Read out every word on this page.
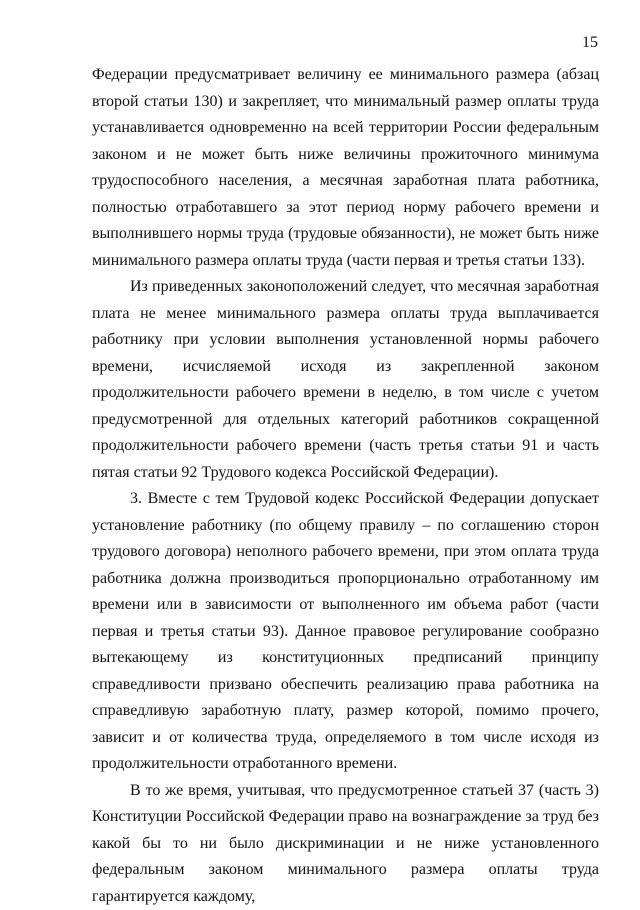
15

Федерации предусматривает величину ее минимального размера (абзац второй статьи 130) и закрепляет, что минимальный размер оплаты труда устанавливается одновременно на всей территории России федеральным законом и не может быть ниже величины прожиточного минимума трудоспособного населения, а месячная заработная плата работника, полностью отработавшего за этот период норму рабочего времени и выполнившего нормы труда (трудовые обязанности), не может быть ниже минимального размера оплаты труда (части первая и третья статьи 133).

Из приведенных законоположений следует, что месячная заработная плата не менее минимального размера оплаты труда выплачивается работнику при условии выполнения установленной нормы рабочего времени, исчисляемой исходя из закрепленной законом продолжительности рабочего времени в неделю, в том числе с учетом предусмотренной для отдельных категорий работников сокращенной продолжительности рабочего времени (часть третья статьи 91 и часть пятая статьи 92 Трудового кодекса Российской Федерации).

3. Вместе с тем Трудовой кодекс Российской Федерации допускает установление работнику (по общему правилу – по соглашению сторон трудового договора) неполного рабочего времени, при этом оплата труда работника должна производиться пропорционально отработанному им времени или в зависимости от выполненного им объема работ (части первая и третья статьи 93). Данное правовое регулирование сообразно вытекающему из конституционных предписаний принципу справедливости призвано обеспечить реализацию права работника на справедливую заработную плату, размер которой, помимо прочего, зависит и от количества труда, определяемого в том числе исходя из продолжительности отработанного времени.

В то же время, учитывая, что предусмотренное статьей 37 (часть 3) Конституции Российской Федерации право на вознаграждение за труд без какой бы то ни было дискриминации и не ниже установленного федеральным законом минимального размера оплаты труда гарантируется каждому,
